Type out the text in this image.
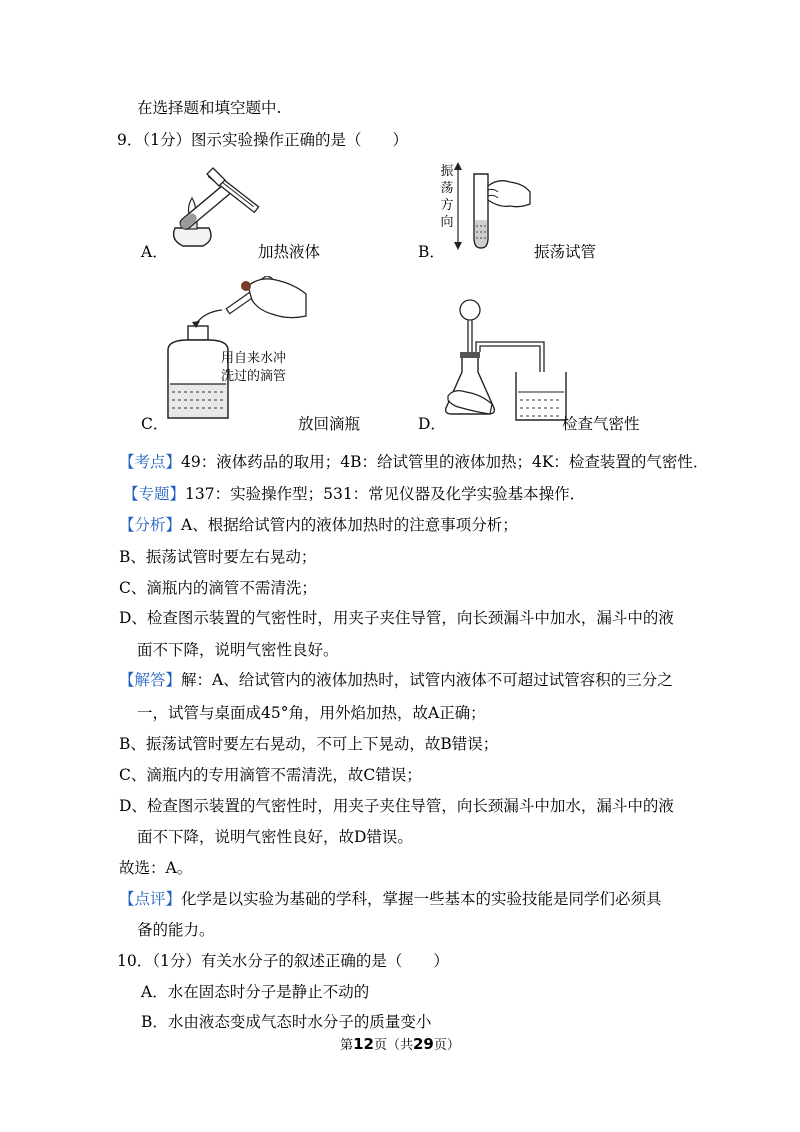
在选择题和填空题中.
9．（1分）图示实验操作正确的是（　　）
A．	加热液体
振
荡
方
向
B．	振荡试管
用自来水冲
洗过的滴管
C．	放回滴瓶	D．	检查气密性
【考点】49：液体药品的取用；4B：给试管里的液体加热；4K：检查装置的气密性．
【专题】137：实验操作型；531：常见仪器及化学实验基本操作．
【分析】A、根据给试管内的液体加热时的注意事项分析；
B、振荡试管时要左右晃动；
C、滴瓶内的滴管不需清洗；
D、检查图示装置的气密性时，用夹子夹住导管，向长颈漏斗中加水，漏斗中的液
面不下降，说明气密性良好。
【解答】解：A、给试管内的液体加热时，试管内液体不可超过试管容积的三分之
一，试管与桌面成45°角，用外焰加热，故A正确；
B、振荡试管时要左右晃动，不可上下晃动，故B错误；
C、滴瓶内的专用滴管不需清洗，故C错误；
D、检查图示装置的气密性时，用夹子夹住导管，向长颈漏斗中加水，漏斗中的液
面不下降，说明气密性良好，故D错误。
故选：A。
【点评】化学是以实验为基础的学科，掌握一些基本的实验技能是同学们必须具
备的能力。
10．（1分）有关水分子的叙述正确的是（　　）
A．水在固态时分子是静止不动的
B．水由液态变成气态时水分子的质量变小
第12页（共29页）
